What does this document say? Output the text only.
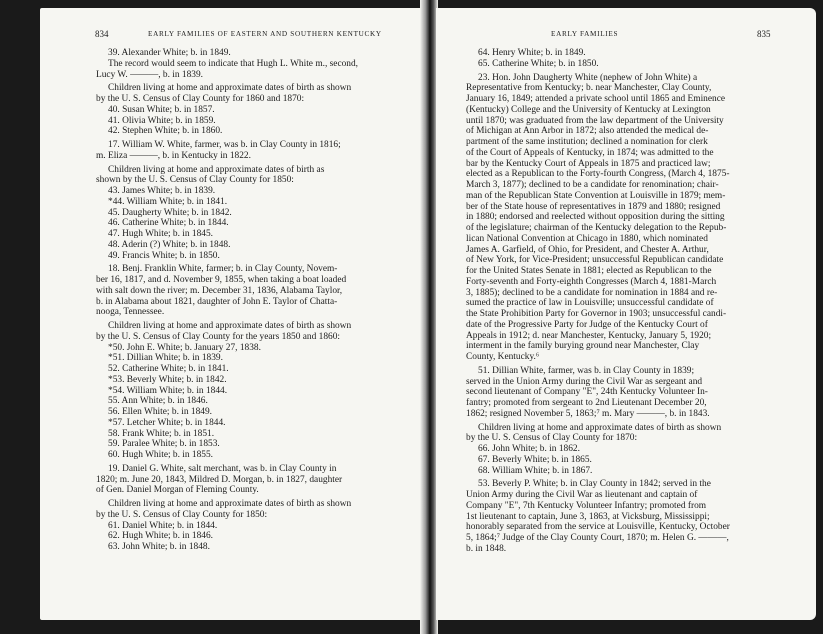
834	EARLY FAMILIES OF EASTERN AND SOUTHERN KENTUCKY
39. Alexander White; b. in 1849.
The record would seem to indicate that Hugh L. White m., second,
Lucy W. ———, b. in 1839.
Children living at home and approximate dates of birth as shown
by the U. S. Census of Clay County for 1860 and 1870:
40. Susan White; b. in 1857.
41. Olivia White; b. in 1859.
42. Stephen White; b. in 1860.
17. William W. White, farmer, was b. in Clay County in 1816;
m. Eliza ———, b. in Kentucky in 1822.
Children living at home and approximate dates of birth as
shown by the U. S. Census of Clay County for 1850:
43. James White; b. in 1839.
*44. William White; b. in 1841.
45. Daugherty White; b. in 1842.
46. Catherine White; b. in 1844.
47. Hugh White; b. in 1845.
48. Aderin (?) White; b. in 1848.
49. Francis White; b. in 1850.
18. Benj. Franklin White, farmer; b. in Clay County, Novem-
ber 16, 1817, and d. November 9, 1855, when taking a boat loaded
with salt down the river; m. December 31, 1836, Alabama Taylor,
b. in Alabama about 1821, daughter of John E. Taylor of Chatta-
nooga, Tennessee.
Children living at home and approximate dates of birth as shown
by the U. S. Census of Clay County for the years 1850 and 1860:
*50. John E. White; b. January 27, 1838.
*51. Dillian White; b. in 1839.
52. Catherine White; b. in 1841.
*53. Beverly White; b. in 1842.
*54. William White; b. in 1844.
55. Ann White; b. in 1846.
56. Ellen White; b. in 1849.
*57. Letcher White; b. in 1844.
58. Frank White; b. in 1851.
59. Paralee White; b. in 1853.
60. Hugh White; b. in 1855.
19. Daniel G. White, salt merchant, was b. in Clay County in
1820; m. June 20, 1843, Mildred D. Morgan, b. in 1827, daughter
of Gen. Daniel Morgan of Fleming County.
Children living at home and approximate dates of birth as shown
by the U. S. Census of Clay County for 1850:
61. Daniel White; b. in 1844.
62. Hugh White; b. in 1846.
63. John White; b. in 1848.
EARLY FAMILIES	835
64. Henry White; b. in 1849.
65. Catherine White; b. in 1850.
23. Hon. John Daugherty White (nephew of John White) a
Representative from Kentucky; b. near Manchester, Clay County,
January 16, 1849; attended a private school until 1865 and Eminence
(Kentucky) College and the University of Kentucky at Lexington
until 1870; was graduated from the law department of the University
of Michigan at Ann Arbor in 1872; also attended the medical de-
partment of the same institution; declined a nomination for clerk
of the Court of Appeals of Kentucky, in 1874; was admitted to the
bar by the Kentucky Court of Appeals in 1875 and practiced law;
elected as a Republican to the Forty-fourth Congress, (March 4, 1875-
March 3, 1877); declined to be a candidate for renomination; chair-
man of the Republican State Convention at Louisville in 1879; mem-
ber of the State house of representatives in 1879 and 1880; resigned
in 1880; endorsed and reelected without opposition during the sitting
of the legislature; chairman of the Kentucky delegation to the Repub-
lican National Convention at Chicago in 1880, which nominated
James A. Garfield, of Ohio, for President, and Chester A. Arthur,
of New York, for Vice-President; unsuccessful Republican candidate
for the United States Senate in 1881; elected as Republican to the
Forty-seventh and Forty-eighth Congresses (March 4, 1881-March
3, 1885); declined to be a candidate for nomination in 1884 and re-
sumed the practice of law in Louisville; unsuccessful candidate of
the State Prohibition Party for Governor in 1903; unsuccessful candi-
date of the Progressive Party for Judge of the Kentucky Court of
Appeals in 1912; d. near Manchester, Kentucky, January 5, 1920;
interment in the family burying ground near Manchester, Clay
County, Kentucky.⁶
51. Dillian White, farmer, was b. in Clay County in 1839;
served in the Union Army during the Civil War as sergeant and
second lieutenant of Company "E", 24th Kentucky Volunteer In-
fantry; promoted from sergeant to 2nd Lieutenant December 20,
1862; resigned November 5, 1863;⁷ m. Mary ———, b. in 1843.
Children living at home and approximate dates of birth as shown
by the U. S. Census of Clay County for 1870:
66. John White; b. in 1862.
67. Beverly White; b. in 1865.
68. William White; b. in 1867.
53. Beverly P. White; b. in Clay County in 1842; served in the
Union Army during the Civil War as lieutenant and captain of
Company "E", 7th Kentucky Volunteer Infantry; promoted from
1st lieutenant to captain, June 3, 1863, at Vicksburg, Mississippi;
honorably separated from the service at Louisville, Kentucky, October
5, 1864;⁷ Judge of the Clay County Court, 1870; m. Helen G. ———,
b. in 1848.
